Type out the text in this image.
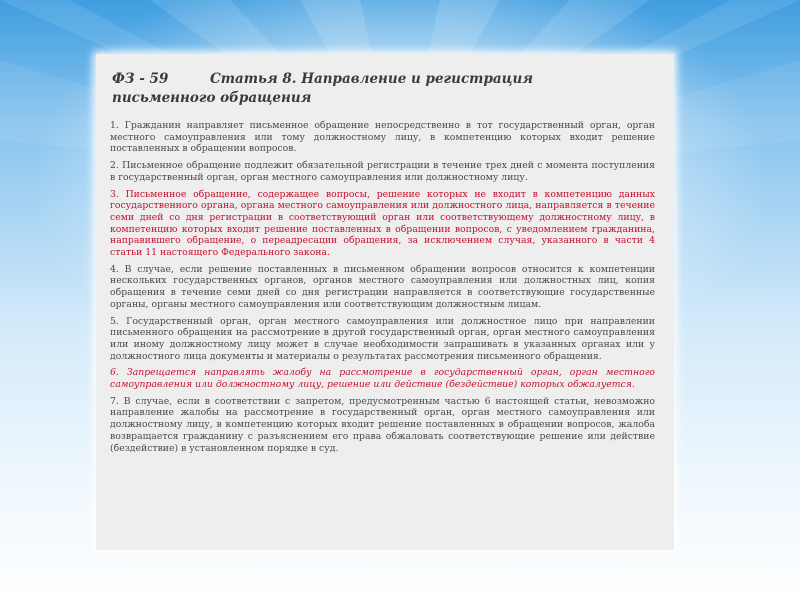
ФЗ - 59	Статья 8. Направление и регистрация
письменного обращения

1. Гражданин направляет письменное обращение непосредственно в тот государственный орган, орган местного самоуправления или тому должностному лицу, в компетенцию которых входит решение поставленных в обращении вопросов.

2. Письменное обращение подлежит обязательной регистрации в течение трех дней с момента поступления в государственный орган, орган местного самоуправления или должностному лицу.

3. Письменное обращение, содержащее вопросы, решение которых не входит в компетенцию данных государственного органа, органа местного самоуправления или должностного лица, направляется в течение семи дней со дня регистрации в соответствующий орган или соответствующему должностному лицу, в компетенцию которых входит решение поставленных в обращении вопросов, с уведомлением гражданина, направившего обращение, о переадресации обращения, за исключением случая, указанного в части 4 статьи 11 настоящего Федерального закона.

4. В случае, если решение поставленных в письменном обращении вопросов относится к компетенции нескольких государственных органов, органов местного самоуправления или должностных лиц, копия обращения в течение семи дней со дня регистрации направляется в соответствующие государственные органы, органы местного самоуправления или соответствующим должностным лицам.

5. Государственный орган, орган местного самоуправления или должностное лицо при направлении письменного обращения на рассмотрение в другой государственный орган, орган местного самоуправления или иному должностному лицу может в случае необходимости запрашивать в указанных органах или у должностного лица документы и материалы о результатах рассмотрения письменного обращения.

6. Запрещается направлять жалобу на рассмотрение в государственный орган, орган местного самоуправления или должностному лицу, решение или действие (бездействие) которых обжалуется.

7. В случае, если в соответствии с запретом, предусмотренным частью 6 настоящей статьи, невозможно направление жалобы на рассмотрение в государственный орган, орган местного самоуправления или должностному лицу, в компетенцию которых входит решение поставленных в обращении вопросов, жалоба возвращается гражданину с разъяснением его права обжаловать соответствующие решение или действие (бездействие) в установленном порядке в суд.
